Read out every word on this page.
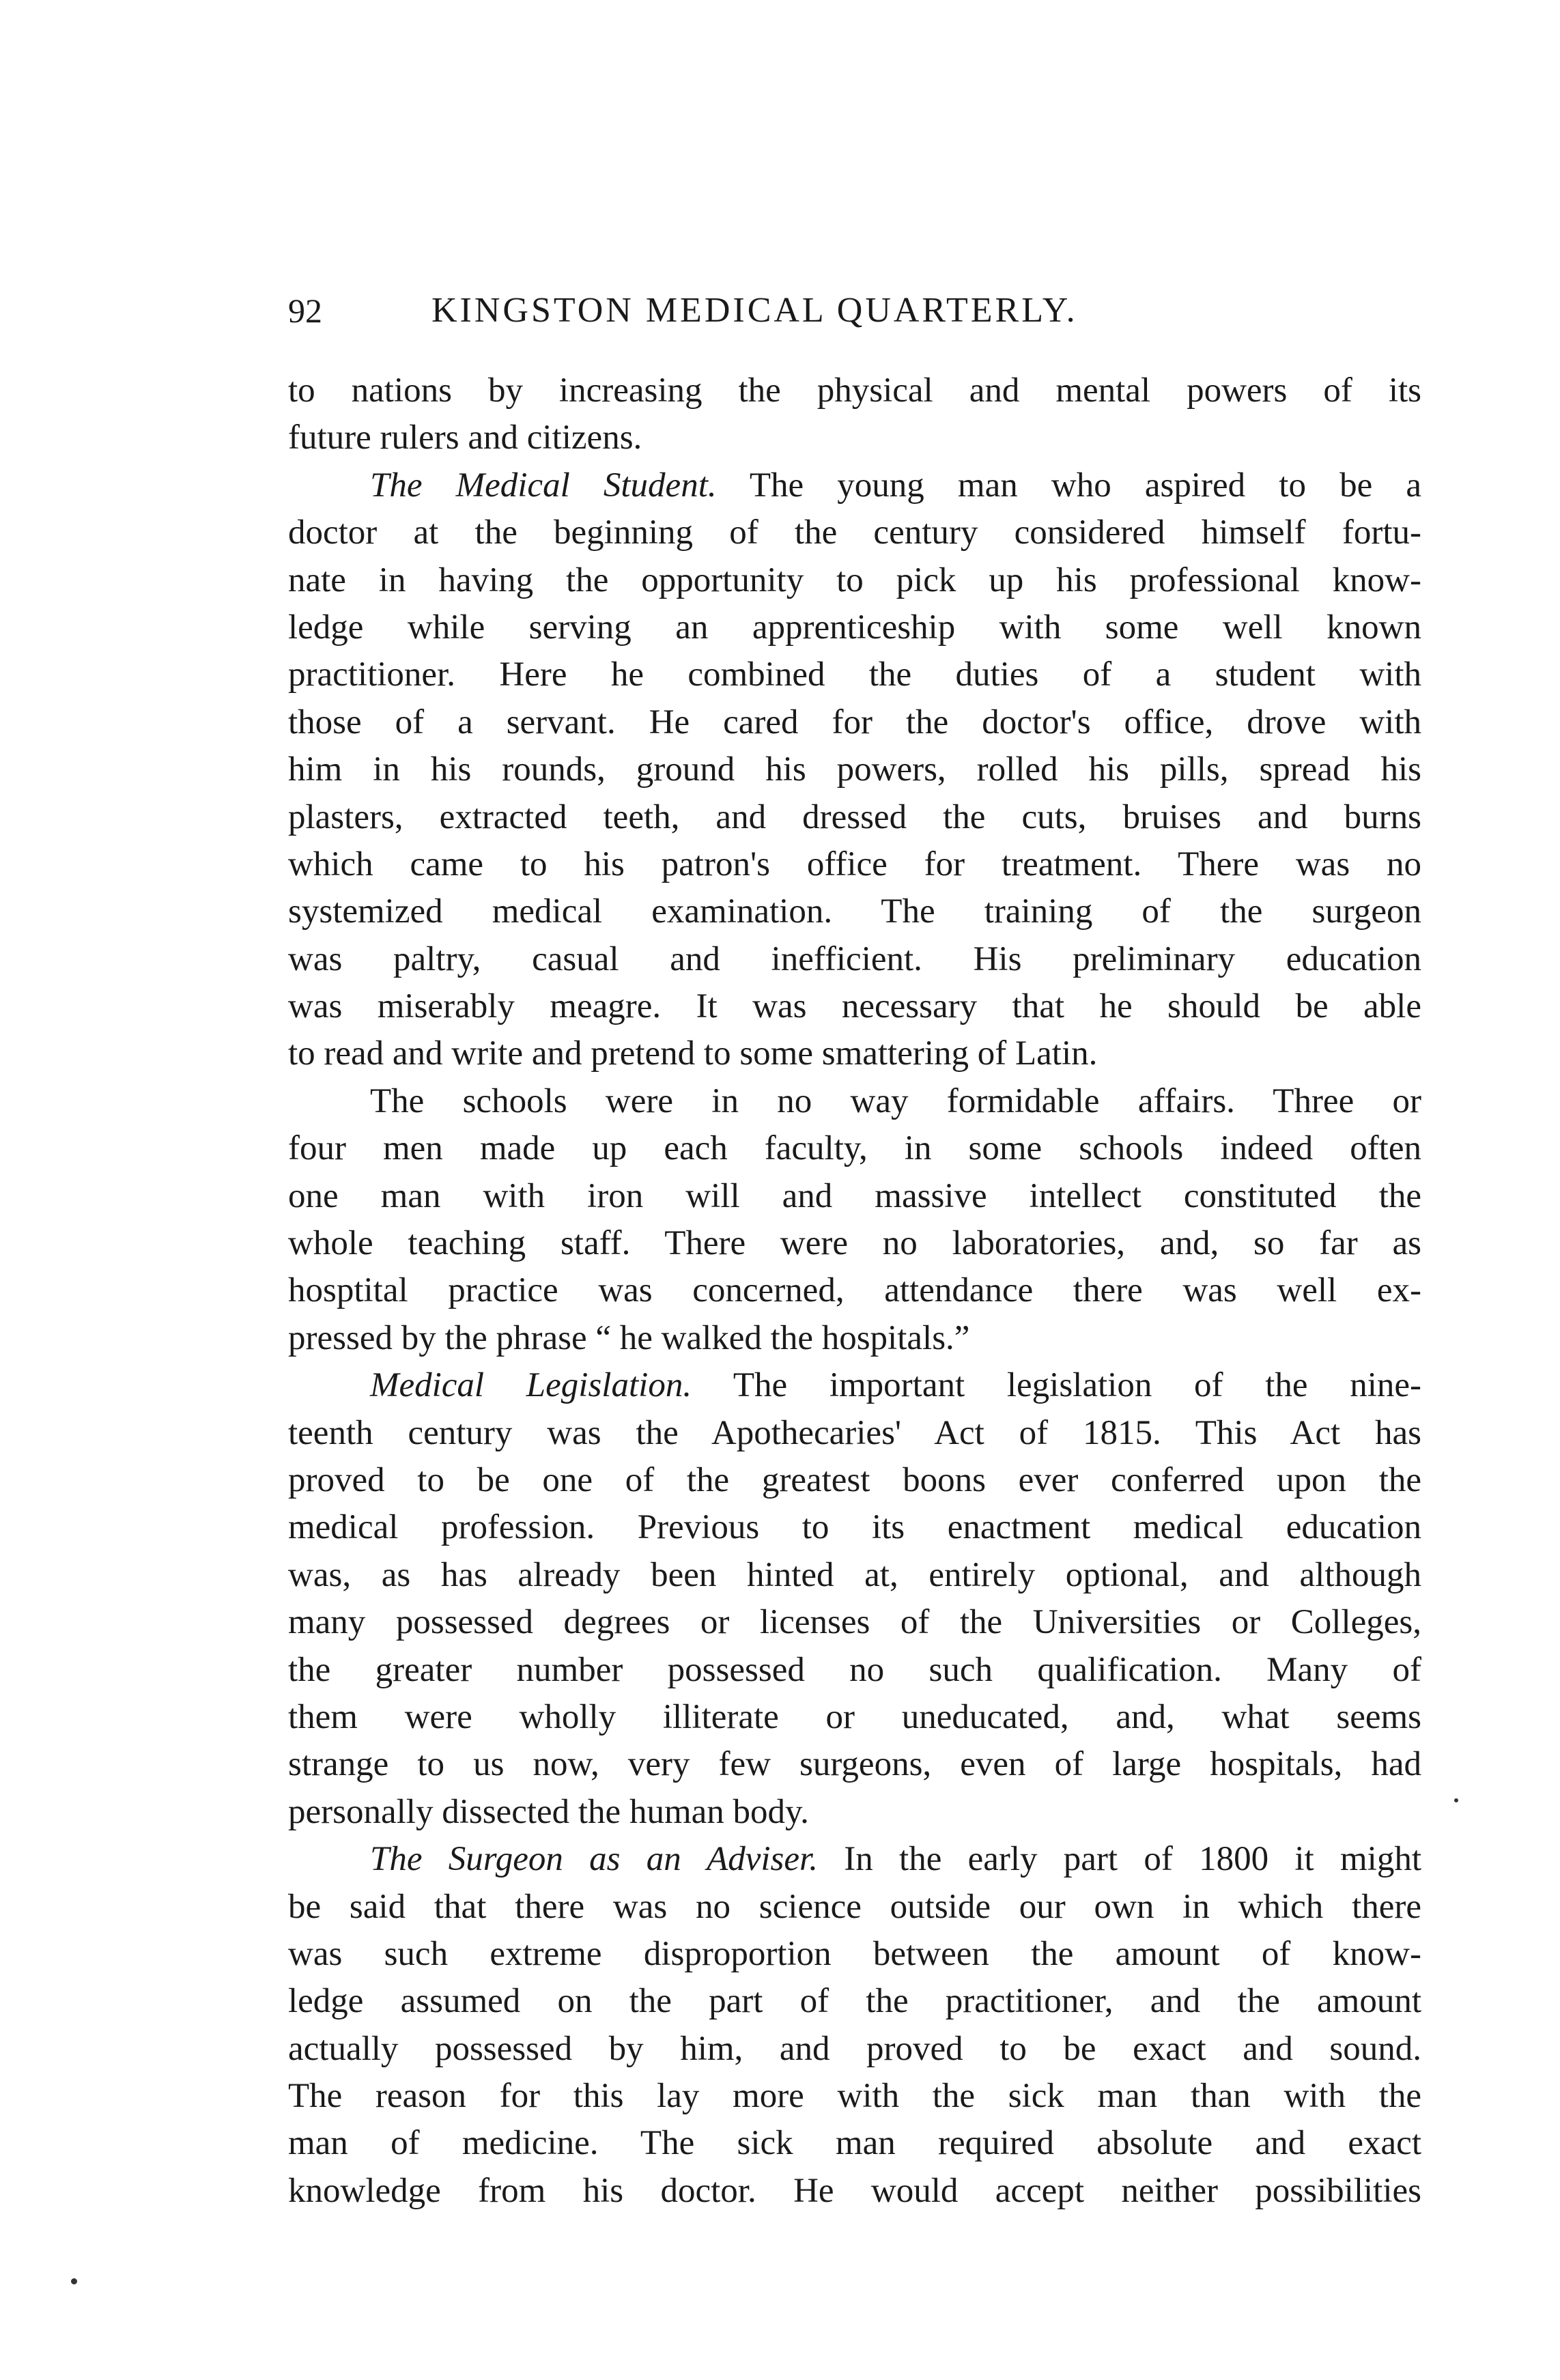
92	KINGSTON MEDICAL QUARTERLY.
to nations by increasing the physical and mental powers of its
future rulers and citizens.
The Medical Student. The young man who aspired to be a
doctor at the beginning of the century considered himself fortu-
nate in having the opportunity to pick up his professional know-
ledge while serving an apprenticeship with some well known
practitioner. Here he combined the duties of a student with
those of a servant. He cared for the doctor's office, drove with
him in his rounds, ground his powers, rolled his pills, spread his
plasters, extracted teeth, and dressed the cuts, bruises and burns
which came to his patron's office for treatment. There was no
systemized medical examination. The training of the surgeon
was paltry, casual and inefficient. His preliminary education
was miserably meagre. It was necessary that he should be able
to read and write and pretend to some smattering of Latin.
The schools were in no way formidable affairs. Three or
four men made up each faculty, in some schools indeed often
one man with iron will and massive intellect constituted the
whole teaching staff. There were no laboratories, and, so far as
hosptital practice was concerned, attendance there was well ex-
pressed by the phrase “ he walked the hospitals.”
Medical Legislation. The important legislation of the nine-
teenth century was the Apothecaries' Act of 1815. This Act has
proved to be one of the greatest boons ever conferred upon the
medical profession. Previous to its enactment medical education
was, as has already been hinted at, entirely optional, and although
many possessed degrees or licenses of the Universities or Colleges,
the greater number possessed no such qualification. Many of
them were wholly illiterate or uneducated, and, what seems
strange to us now, very few surgeons, even of large hospitals, had
personally dissected the human body.
The Surgeon as an Adviser. In the early part of 1800 it might
be said that there was no science outside our own in which there
was such extreme disproportion between the amount of know-
ledge assumed on the part of the practitioner, and the amount
actually possessed by him, and proved to be exact and sound.
The reason for this lay more with the sick man than with the
man of medicine. The sick man required absolute and exact
knowledge from his doctor. He would accept neither possibilities
